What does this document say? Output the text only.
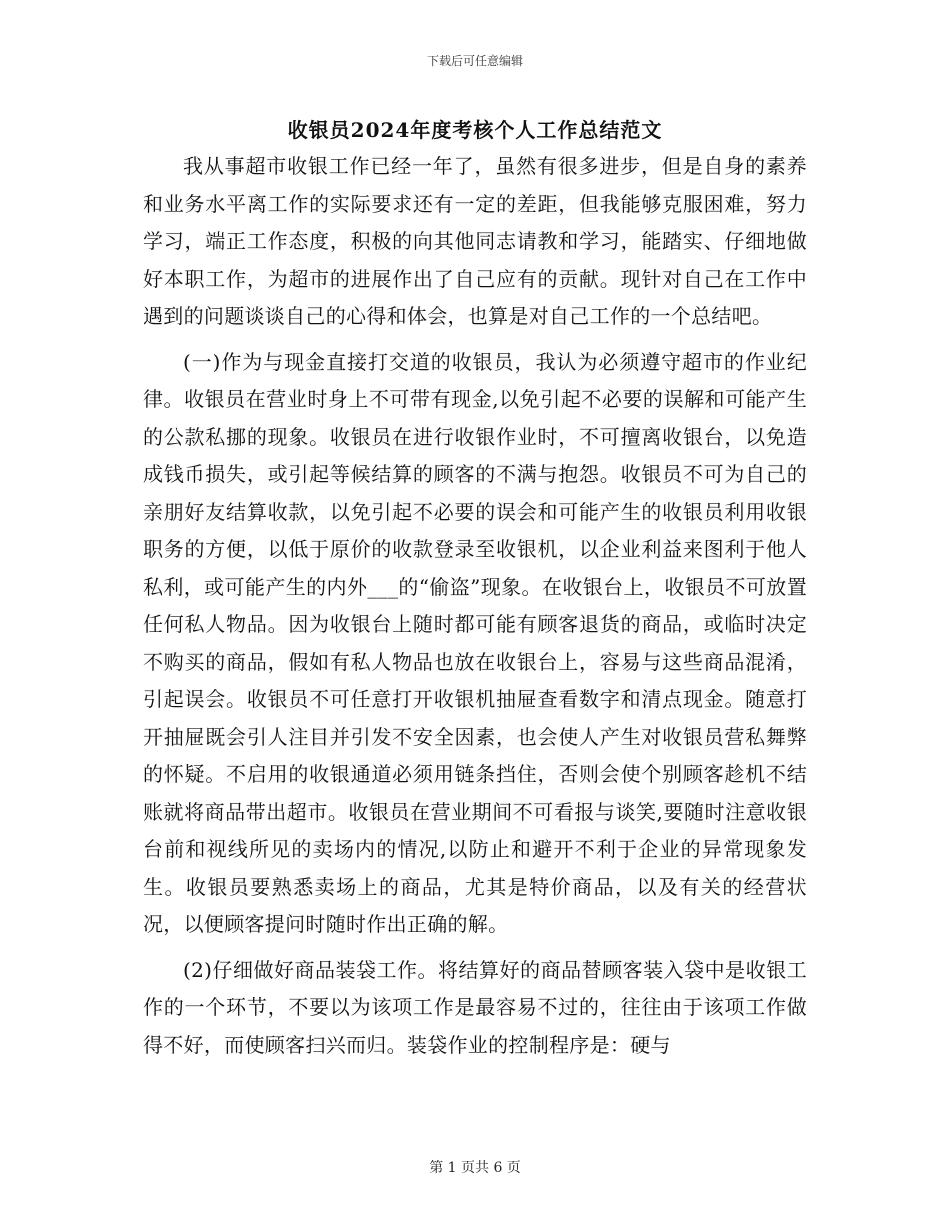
下载后可任意编辑
收银员2024年度考核个人工作总结范文

我从事超市收银工作已经一年了，虽然有很多进步，但是自身的素养和业务水平离工作的实际要求还有一定的差距，但我能够克服困难，努力学习，端正工作态度，积极的向其他同志请教和学习，能踏实、仔细地做好本职工作，为超市的进展作出了自己应有的贡献。现针对自己在工作中遇到的问题谈谈自己的心得和体会，也算是对自己工作的一个总结吧。

(一)作为与现金直接打交道的收银员，我认为必须遵守超市的作业纪律。收银员在营业时身上不可带有现金,以免引起不必要的误解和可能产生的公款私挪的现象。收银员在进行收银作业时，不可擅离收银台，以免造成钱币损失，或引起等候结算的顾客的不满与抱怨。收银员不可为自己的亲朋好友结算收款，以免引起不必要的误会和可能产生的收银员利用收银职务的方便，以低于原价的收款登录至收银机，以企业利益来图利于他人私利，或可能产生的内外___的“偷盗”现象。在收银台上，收银员不可放置任何私人物品。因为收银台上随时都可能有顾客退货的商品，或临时决定不购买的商品，假如有私人物品也放在收银台上，容易与这些商品混淆，引起误会。收银员不可任意打开收银机抽屉查看数字和清点现金。随意打开抽屉既会引人注目并引发不安全因素，也会使人产生对收银员营私舞弊的怀疑。不启用的收银通道必须用链条挡住，否则会使个别顾客趁机不结账就将商品带出超市。收银员在营业期间不可看报与谈笑,要随时注意收银台前和视线所见的卖场内的情况,以防止和避开不利于企业的异常现象发生。收银员要熟悉卖场上的商品，尤其是特价商品，以及有关的经营状况，以便顾客提问时随时作出正确的解。

(2)仔细做好商品装袋工作。将结算好的商品替顾客装入袋中是收银工作的一个环节，不要以为该项工作是最容易不过的，往往由于该项工作做得不好，而使顾客扫兴而归。装袋作业的控制程序是：硬与

第 1 页共 6 页
